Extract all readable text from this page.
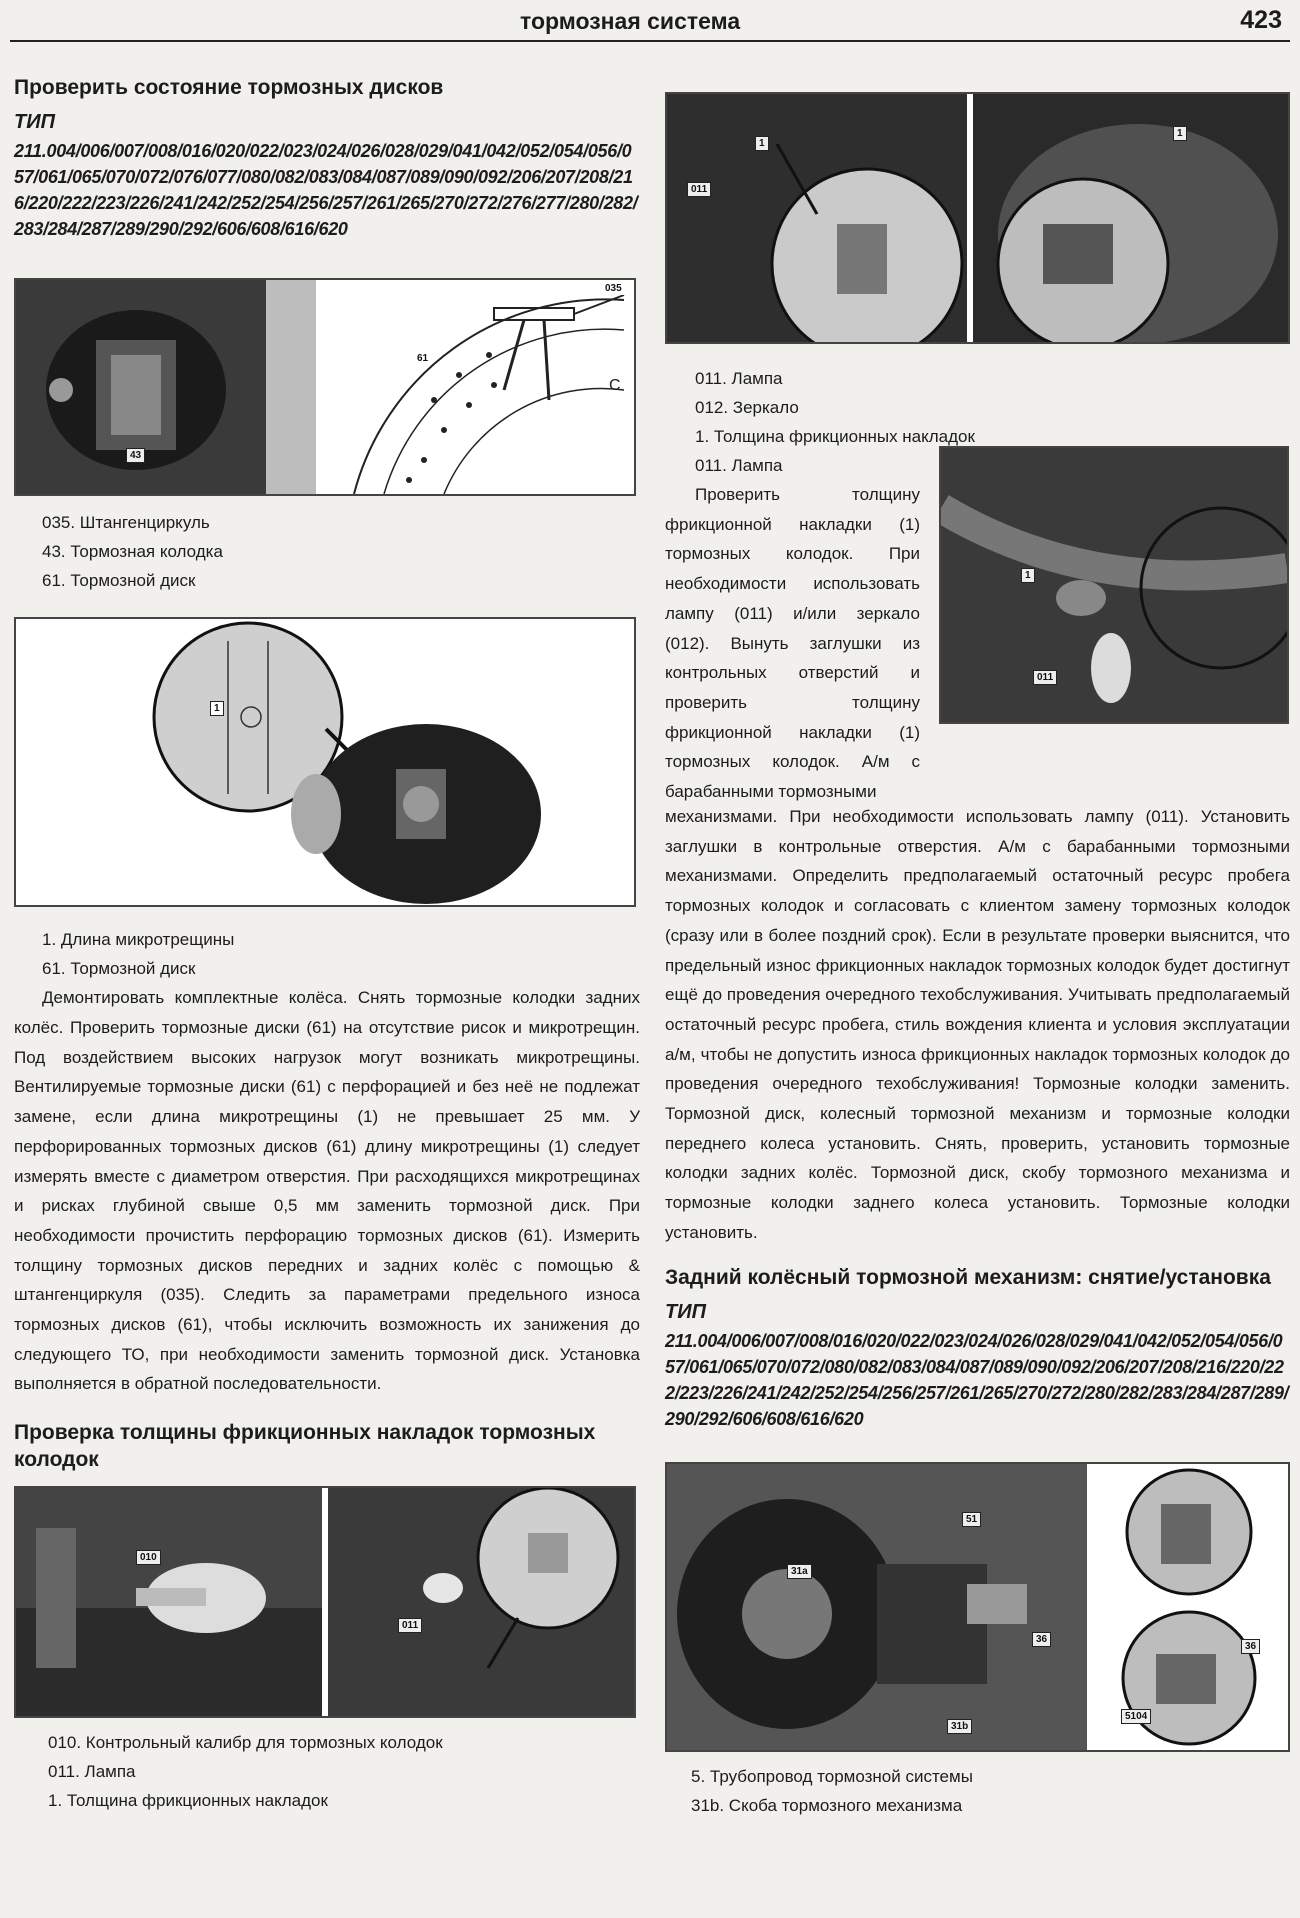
тормозная система	423
Проверить состояние тормозных дисков

ТИП

211.004/006/007/008/016/020/022/023/024/026/028/029/041/042/052/054/056/057/061/065/070/072/076/077/080/082/083/084/087/089/090/092/206/207/208/216/220/222/223/226/241/242/252/254/256/257/261/265/270/272/276/277/280/282/283/284/287/289/290/292/606/608/616/620

43
C
61
035

035. Штангенциркуль

43. Тормозная колодка

61. Тормозной диск

1

1. Длина микротрещины

61. Тормозной диск

Демонтировать комплектные колёса. Снять тормозные колодки задних колёс. Проверить тормозные диски (61) на отсутствие рисок и микротрещин. Под воздействием высоких нагрузок могут возникать микротрещины. Вентилируемые тормозные диски (61) с перфорацией и без неё не подлежат замене, если длина микротрещины (1) не превышает 25 мм. У перфорированных тормозных дисков (61) длину микротрещины (1) следует измерять вместе с диаметром отверстия. При расходящихся микротрещинах и рисках глубиной свыше 0,5 мм заменить тормозной диск. При необходимости прочистить перфорацию тормозных дисков (61). Измерить толщину тормозных дисков передних и задних колёс с помощью & штангенциркуля (035). Следить за параметрами предельного износа тормозных дисков (61), чтобы исключить возможность их занижения до следующего ТО, при необходимости заменить тормозной диск. Установка выполняется в обратной последовательности.

Проверка толщины фрикционных накладок тормозных колодок
010
011

010. Контрольный калибр для тормозных колодок

011. Лампа

1. Толщина фрикционных накладок

1
011
1

011. Лампа

012. Зеркало

1. Толщина фрикционных накладок

011. Лампа

1
011

Проверить толщину фрикционной накладки (1) тормозных колодок. При необходимости использовать лампу (011) и/или зеркало (012). Вынуть заглушки из контрольных отверстий и проверить толщину фрикционной накладки (1) тормозных колодок. А/м с барабанными тормозными

механизмами. При необходимости использовать лампу (011). Установить заглушки в контрольные отверстия. А/м с барабанными тормозными механизмами. Определить предполагаемый остаточный ресурс пробега тормозных колодок и согласовать с клиентом замену тормозных колодок (сразу или в более поздний срок). Если в результате проверки выяснится, что предельный износ фрикционных накладок тормозных колодок будет достигнут ещё до проведения очередного техобслуживания. Учитывать предполагаемый остаточный ресурс пробега, стиль вождения клиента и условия эксплуатации а/м, чтобы не допустить износа фрикционных накладок тормозных колодок до проведения очередного техобслуживания! Тормозные колодки заменить. Тормозной диск, колесный тормозной механизм и тормозные колодки переднего колеса установить. Снять, проверить, установить тормозные колодки задних колёс. Тормозной диск, скобу тормозного механизма и тормозные колодки заднего колеса установить. Тормозные колодки установить.

Задний колёсный тормозной механизм: снятие/установка

ТИП

211.004/006/007/008/016/020/022/023/024/026/028/029/041/042/052/054/056/057/061/065/070/072/080/082/083/084/087/089/090/092/206/207/208/216/220/222/223/226/241/242/252/254/256/257/261/265/270/272/280/282/283/284/287/289/290/292/606/608/616/620

51
31a
31b
36
5104
36

5. Трубопровод тормозной системы

31b. Скоба тормозного механизма
